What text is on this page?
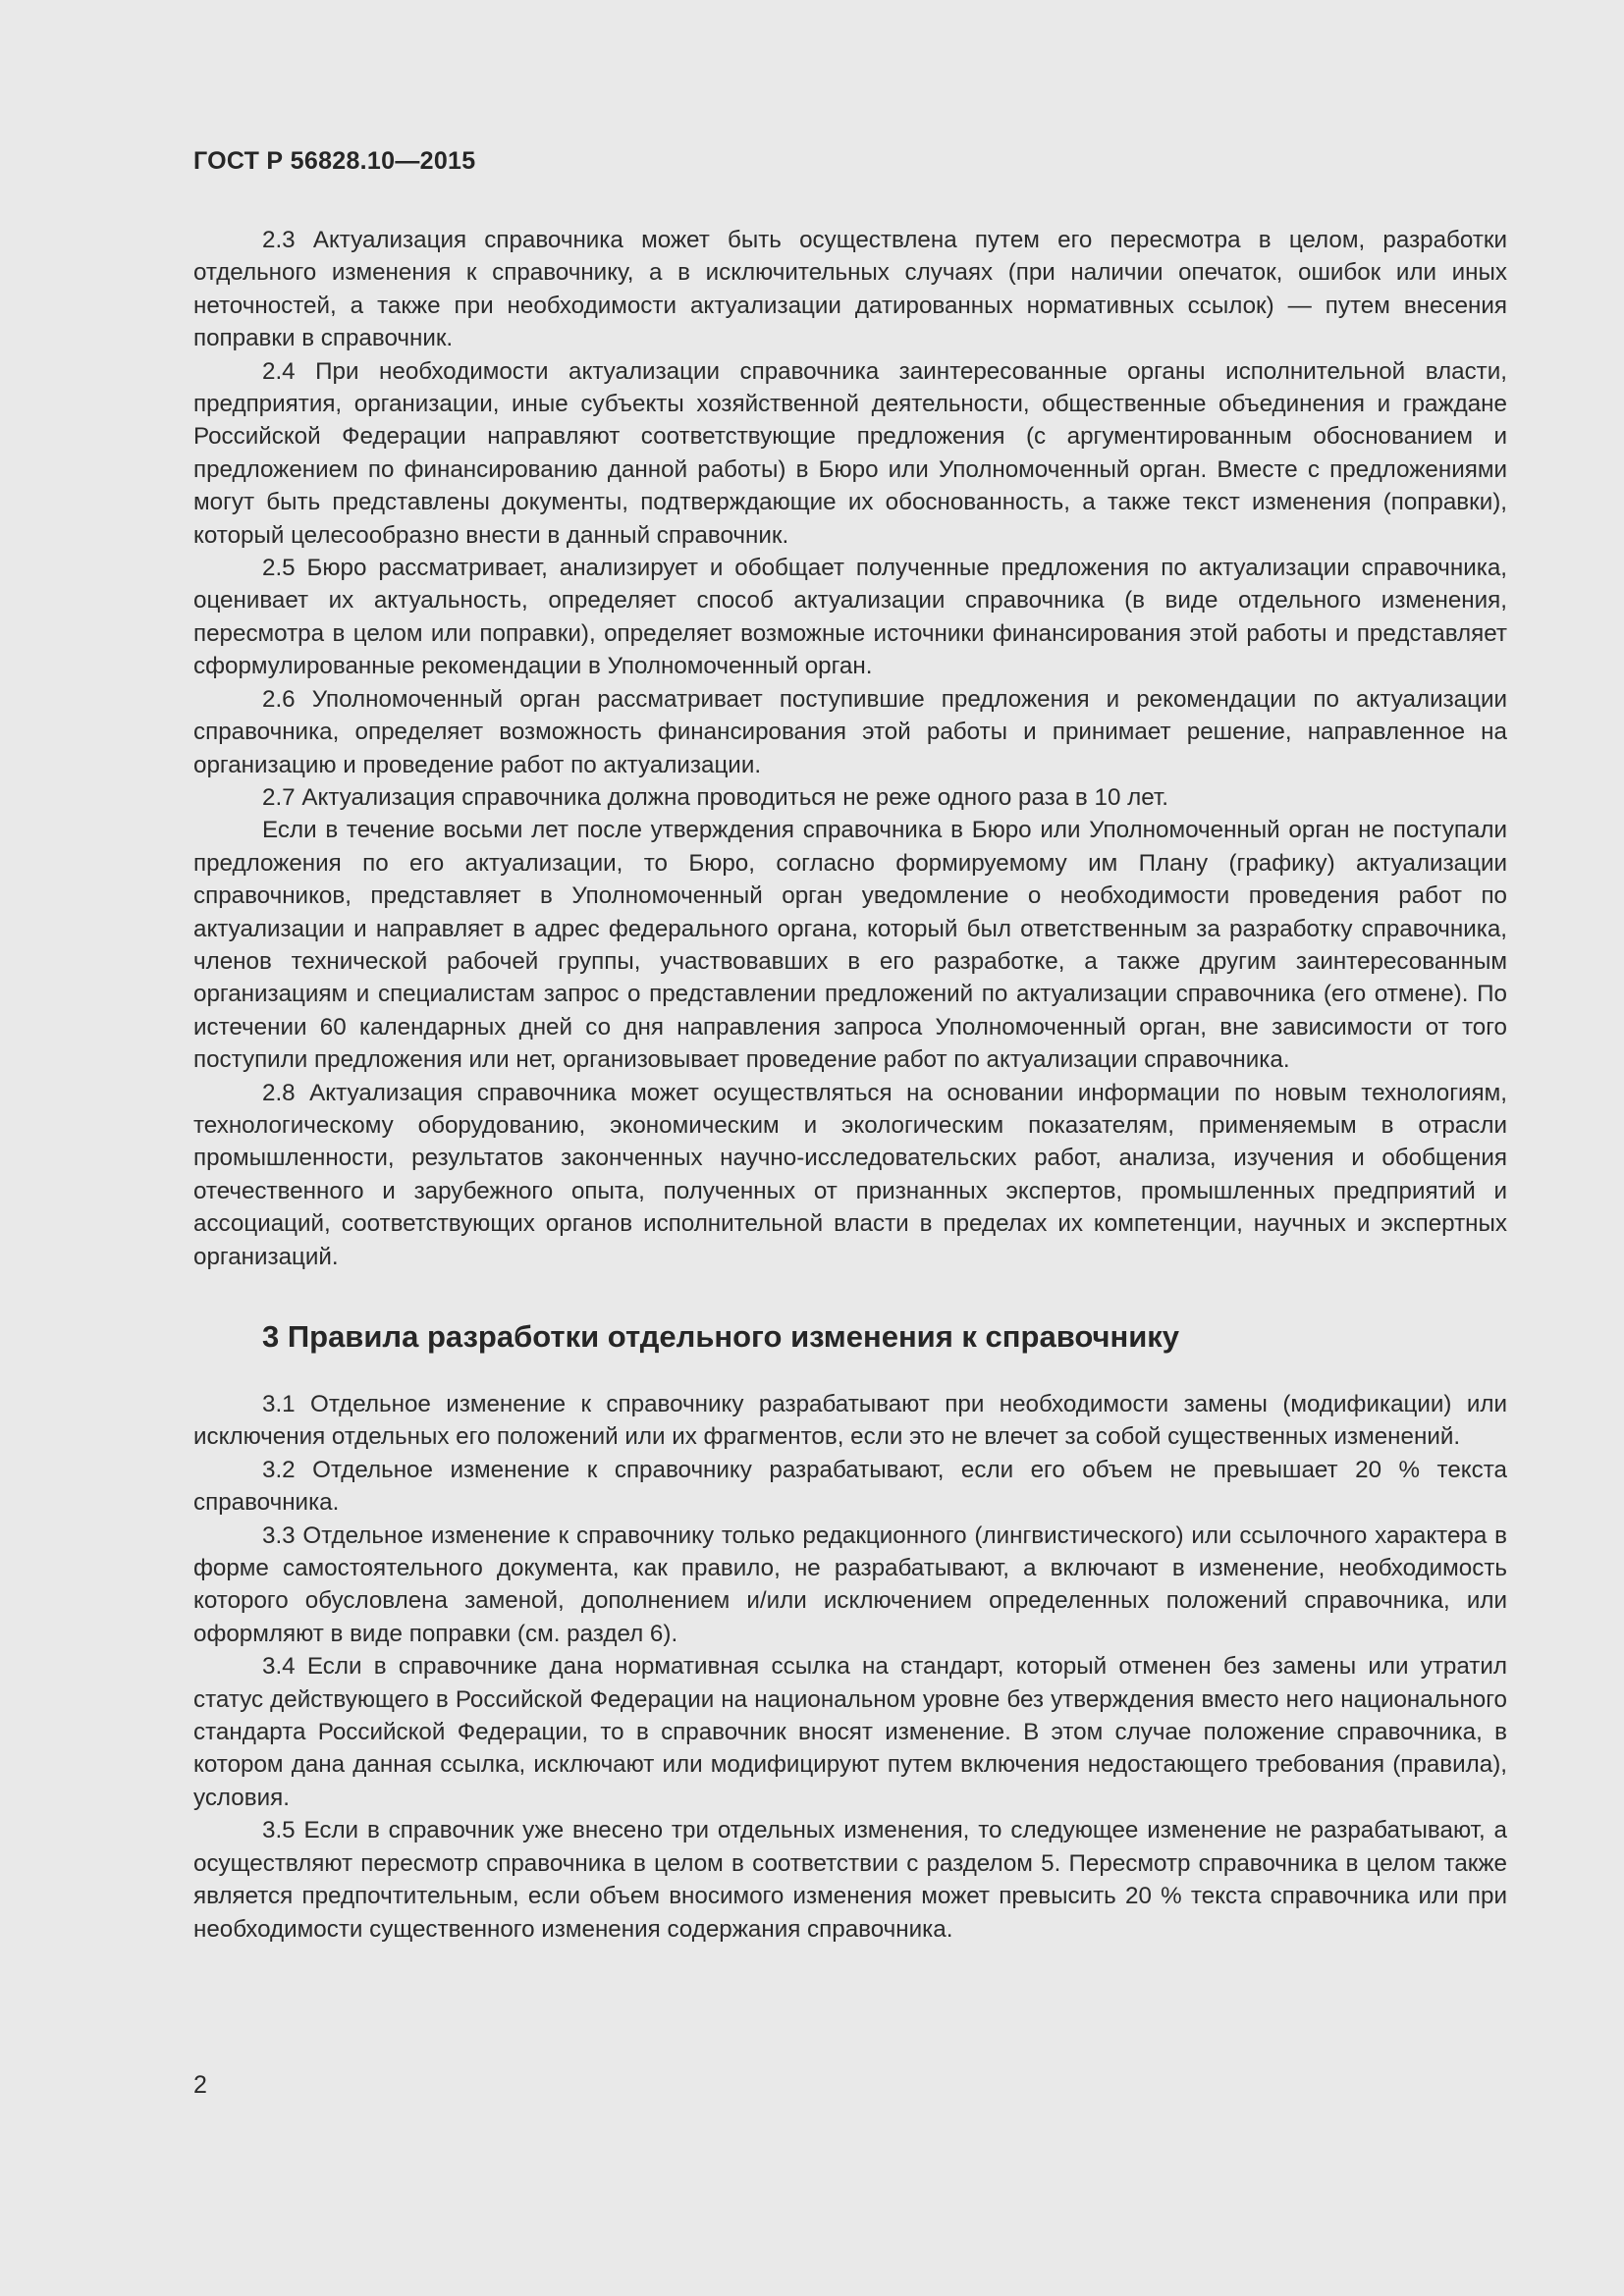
ГОСТ Р 56828.10—2015

2.3 Актуализация справочника может быть осуществлена путем его пересмотра в целом, разработки отдельного изменения к справочнику, а в исключительных случаях (при наличии опечаток, ошибок или иных неточностей, а также при необходимости актуализации датированных нормативных ссылок) — путем внесения поправки в справочник.

2.4 При необходимости актуализации справочника заинтересованные органы исполнительной власти, предприятия, организации, иные субъекты хозяйственной деятельности, общественные объединения и граждане Российской Федерации направляют соответствующие предложения (с аргументированным обоснованием и предложением по финансированию данной работы) в Бюро или Уполномоченный орган. Вместе с предложениями могут быть представлены документы, подтверждающие их обоснованность, а также текст изменения (поправки), который целесообразно внести в данный справочник.

2.5 Бюро рассматривает, анализирует и обобщает полученные предложения по актуализации справочника, оценивает их актуальность, определяет способ актуализации справочника (в виде отдельного изменения, пересмотра в целом или поправки), определяет возможные источники финансирования этой работы и представляет сформулированные рекомендации в Уполномоченный орган.

2.6 Уполномоченный орган рассматривает поступившие предложения и рекомендации по актуализации справочника, определяет возможность финансирования этой работы и принимает решение, направленное на организацию и проведение работ по актуализации.

2.7 Актуализация справочника должна проводиться не реже одного раза в 10 лет.

Если в течение восьми лет после утверждения справочника в Бюро или Уполномоченный орган не поступали предложения по его актуализации, то Бюро, согласно формируемому им Плану (графику) актуализации справочников, представляет в Уполномоченный орган уведомление о необходимости проведения работ по актуализации и направляет в адрес федерального органа, который был ответственным за разработку справочника, членов технической рабочей группы, участвовавших в его разработке, а также другим заинтересованным организациям и специалистам запрос о представлении предложений по актуализации справочника (его отмене). По истечении 60 календарных дней со дня направления запроса Уполномоченный орган, вне зависимости от того поступили предложения или нет, организовывает проведение работ по актуализации справочника.

2.8 Актуализация справочника может осуществляться на основании информации по новым технологиям, технологическому оборудованию, экономическим и экологическим показателям, применяемым в отрасли промышленности, результатов законченных научно-исследовательских работ, анализа, изучения и обобщения отечественного и зарубежного опыта, полученных от признанных экспертов, промышленных предприятий и ассоциаций, соответствующих органов исполнительной власти в пределах их компетенции, научных и экспертных организаций.

3 Правила разработки отдельного изменения к справочнику

3.1 Отдельное изменение к справочнику разрабатывают при необходимости замены (модификации) или исключения отдельных его положений или их фрагментов, если это не влечет за собой существенных изменений.

3.2 Отдельное изменение к справочнику разрабатывают, если его объем не превышает 20 % текста справочника.

3.3 Отдельное изменение к справочнику только редакционного (лингвистического) или ссылочного характера в форме самостоятельного документа, как правило, не разрабатывают, а включают в изменение, необходимость которого обусловлена заменой, дополнением и/или исключением определенных положений справочника, или оформляют в виде поправки (см. раздел 6).

3.4 Если в справочнике дана нормативная ссылка на стандарт, который отменен без замены или утратил статус действующего в Российской Федерации на национальном уровне без утверждения вместо него национального стандарта Российской Федерации, то в справочник вносят изменение. В этом случае положение справочника, в котором дана данная ссылка, исключают или модифицируют путем включения недостающего требования (правила), условия.

3.5 Если в справочник уже внесено три отдельных изменения, то следующее изменение не разрабатывают, а осуществляют пересмотр справочника в целом в соответствии с разделом 5. Пересмотр справочника в целом также является предпочтительным, если объем вносимого изменения может превысить 20 % текста справочника или при необходимости существенного изменения содержания справочника.

2
